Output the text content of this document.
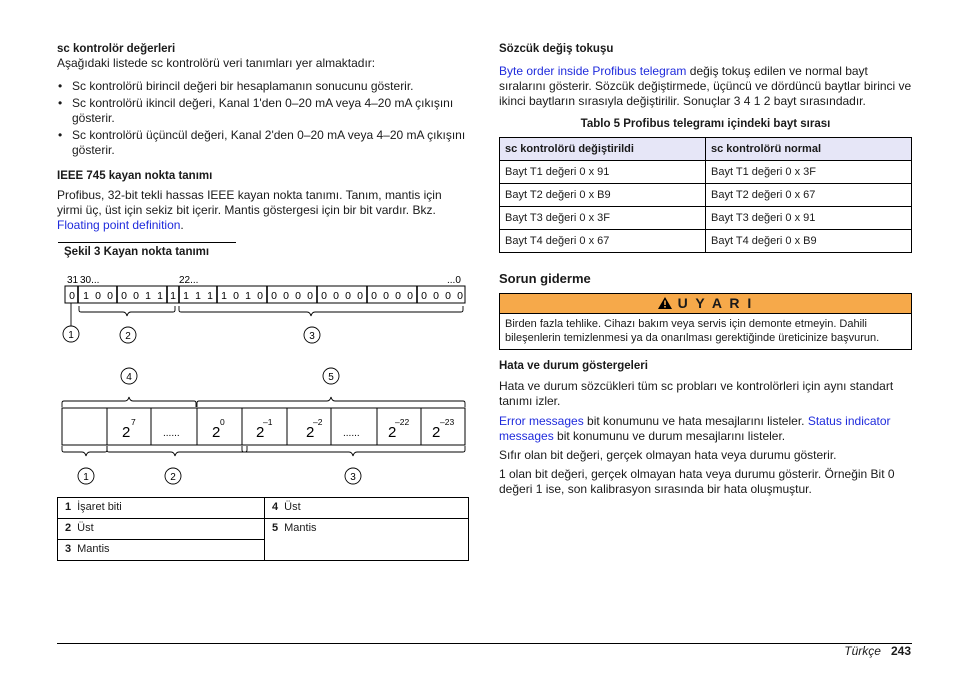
sc kontrolör değerleri

Aşağıdaki listede sc kontrolörü veri tanımları yer almaktadır:

• Sc kontrolörü birincil değeri bir hesaplamanın sonucunu gösterir.
• Sc kontrolörü ikincil değeri, Kanal 1'den 0–20 mA veya 4–20 mA çıkışını gösterir.
• Sc kontrolörü üçüncül değeri, Kanal 2'den 0–20 mA veya 4–20 mA çıkışını gösterir.

IEEE 745 kayan nokta tanımı

Profibus, 32-bit tekli hassas IEEE kayan nokta tanımı. Tanım, mantis için yirmi üç, üst için sekiz bit içerir. Mantis göstergesi için bir bit vardır. Bkz. Floating point definition.

Şekil 3 Kayan nokta tanımı
31 30...	22...	...0
0 1 0 0 0 0 1 1 1 1 1 1 1 0 1 0 0 0 0 0 0 0 0 0 0 0 0 0 0 0 0 0
1	2	3
4	5
2	2 2	2	2 2
7	0	–1	–2	–22	–23
......	......
1	2	3
1 İşaret biti	4 Üst
2 Üst	5 Mantis
3 Mantis	

Sözcük değiş tokuşu

Byte order inside Profibus telegram değiş tokuş edilen ve normal bayt sıralarını gösterir. Sözcük değiştirmede, üçüncü ve dördüncü baytlar birinci ve ikinci baytların sırasıyla değiştirilir. Sonuçlar 3 4 1 2 bayt sırasındadır.

Tablo 5 Profibus telegramı içindeki bayt sırası
sc kontrolörü değiştirildi	sc kontrolörü normal
Bayt T1 değeri 0 x 91	Bayt T1 değeri 0 x 3F
Bayt T2 değeri 0 x B9	Bayt T2 değeri 0 x 67
Bayt T3 değeri 0 x 3F	Bayt T3 değeri 0 x 91
Bayt T4 değeri 0 x 67	Bayt T4 değeri 0 x B9

Sorun giderme

U Y A R I
Birden fazla tehlike. Cihazı bakım veya servis için demonte etmeyin. Dahili bileşenlerin temizlenmesi ya da onarılması gerektiğinde üreticinize başvurun.

Hata ve durum göstergeleri

Hata ve durum sözcükleri tüm sc probları ve kontrolörleri için aynı standart tanımı izler.

Error messages bit konumunu ve hata mesajlarını listeler. Status indicator messages bit konumunu ve durum mesajlarını listeler.

Sıfır olan bit değeri, gerçek olmayan hata veya durumu gösterir.

1 olan bit değeri, gerçek olmayan hata veya durumu gösterir. Örneğin Bit 0 değeri 1 ise, son kalibrasyon sırasında bir hata oluşmuştur.

Türkçe 243
